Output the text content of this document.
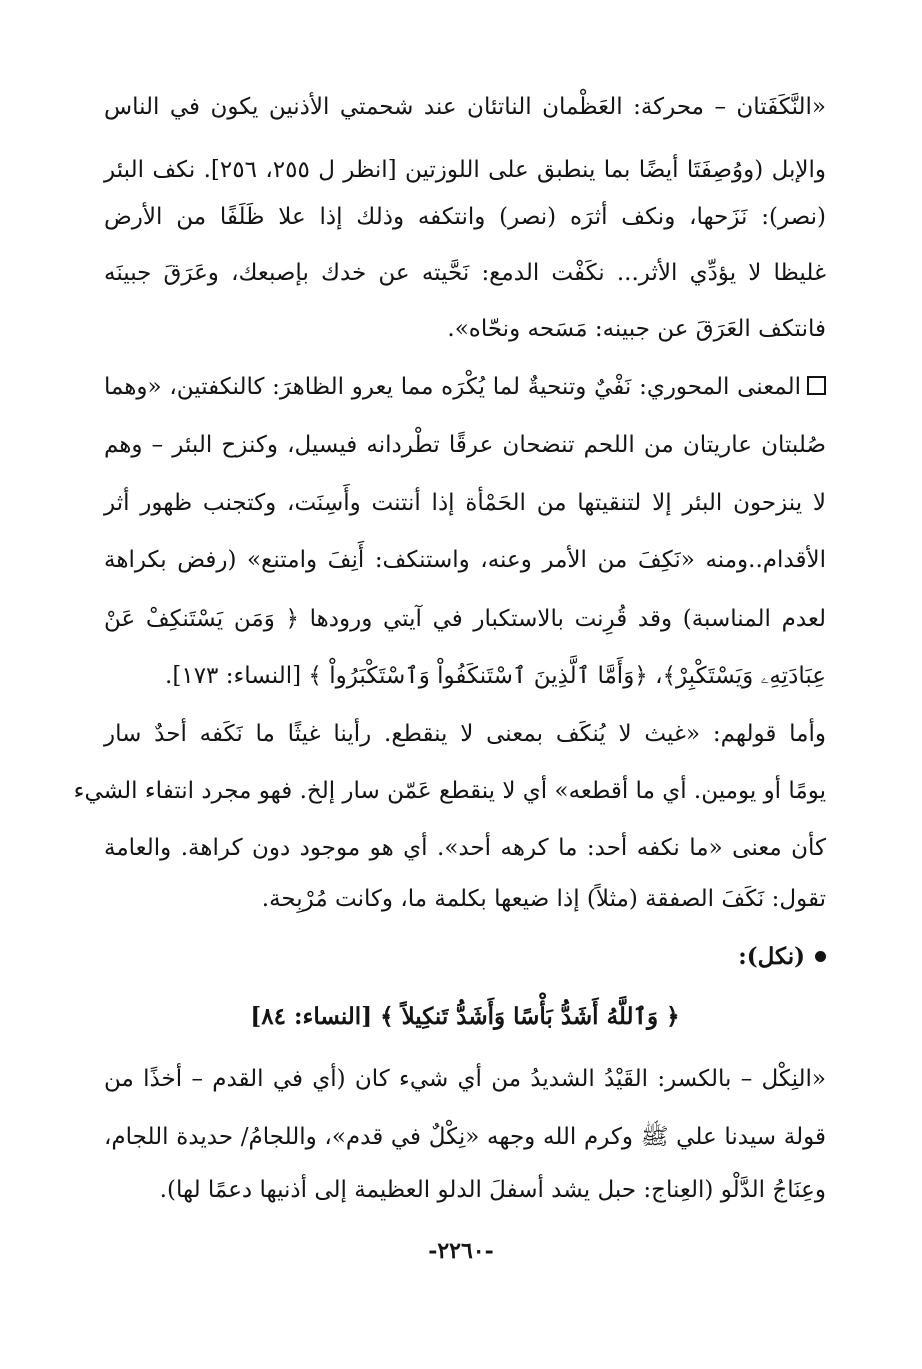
«النَّكَفَتان – محركة: العَظْمان الناتئان عند شحمتي الأذنين يكون في الناس
والإبل (ووُصِفَتَا أيضًا بما ينطبق على اللوزتين [انظر ل ٢٥٥، ٢٥٦]. نكف البئر
(نصر): نَزَحها، ونكف أثرَه (نصر) وانتكفه وذلك إذا علا ظَلَفًا من الأرض
غليظا لا يؤدِّي الأثر... نكَفْت الدمع: نَحَّيته عن خدك بإصبعك، وعَرَقَ جبينَه
فانتكف العَرَقَ عن جبينه: مَسَحه ونحّاه».
المعنى المحوري: نَفْيٌ وتنحيةٌ لما يُكْرَه مما يعرو الظاهرَ: كالنكفتين، «وهما
صُلبتان عاريتان من اللحم تنضحان عرقًا تطْردانه فيسيل، وكنزح البئر – وهم
لا ينزحون البئر إلا لتنقيتها من الحَمْأة إذا أنتنت وأَسِنَت، وكتجنب ظهور أثر
الأقدام..ومنه «نَكِفَ من الأمر وعنه، واستنكف: أَنِفَ وامتنع» (رفض بكراهة
لعدم المناسبة) وقد قُرِنت بالاستكبار في آيتي ورودها ﴿ وَمَن يَسْتَنكِفْ عَنْ
عِبَادَتِهِۦ وَيَسْتَكْبِرْ﴾، ﴿وَأَمَّا ٱلَّذِينَ ٱسْتَنكَفُواْ وَٱسْتَكْبَرُواْ ﴾ [النساء: ١٧٣].
وأما قولهم: «غيث لا يُنكَف بمعنى لا ينقطع. رأينا غيثًا ما نَكَفه أحدٌ سار
يومًا أو يومين. أي ما أقطعه» أي لا ينقطع عَمّن سار إلخ. فهو مجرد انتفاء الشيء
كأن معنى «ما نكفه أحد: ما كرهه أحد». أي هو موجود دون كراهة. والعامة
تقول: نَكَفَ الصفقة (مثلاً) إذا ضيعها بكلمة ما، وكانت مُرْبِحة.
(نكل):
﴿ وَٱللَّهُ أَشَدُّ بَأْسًا وَأَشَدُّ تَنكِيلاً ﴾ [النساء: ٨٤]
«النِكْل – بالكسر: القَيْدُ الشديدُ من أي شيء كان (أي في القدم – أخذًا من
قولة سيدنا علي ﷺ وكرم الله وجهه «نِكْلٌ في قدم»، واللجامُ/ حديدة اللجام،
وعِنَاجُ الدَّلْو (العِناج: حبل يشد أسفلَ الدلو العظيمة إلى أذنيها دعمًا لها).
-٢٢٦٠-
